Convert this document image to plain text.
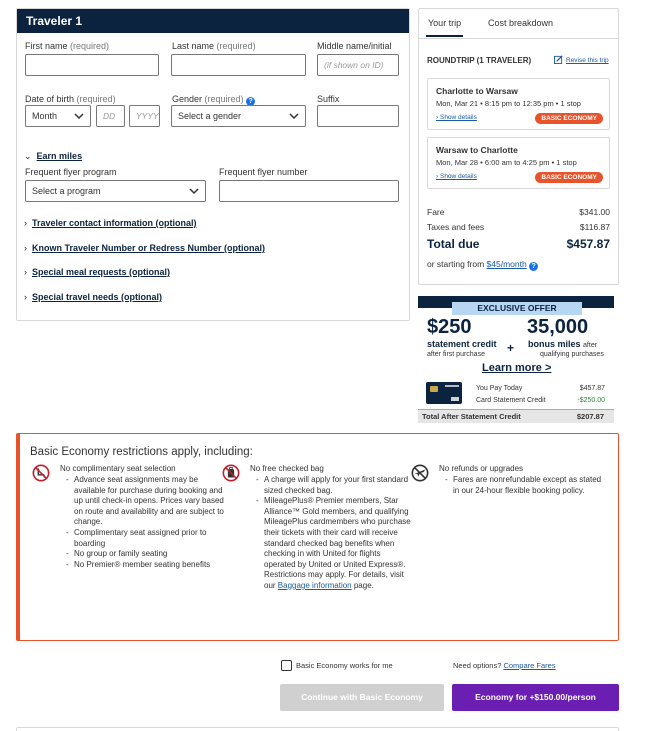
Traveler 1
First name (required)	Last name (required)	Middle name/initial
(if shown on ID)
Date of birth (required)
Month	DD	YYYY
Gender (required) ?
Select a gender
Suffix
⌄ Earn miles
Frequent flyer program
Select a program
Frequent flyer number
› Traveler contact information (optional)
› Known Traveler Number or Redress Number (optional)
› Special meal requests (optional)
› Special travel needs (optional)
Your trip	Cost breakdown
ROUNDTRIP (1 TRAVELER)	Revise this trip
Charlotte to Warsaw
Mon, Mar 21 • 8:15 pm to 12:35 pm • 1 stop
› Show details	BASIC ECONOMY
Warsaw to Charlotte
Mon, Mar 28 • 6:00 am to 4:25 pm • 1 stop
› Show details	BASIC ECONOMY
Fare	$341.00
Taxes and fees	$116.87
Total due	$457.87
or starting from $45/month ?
EXCLUSIVE OFFER
$250
statement credit
after first purchase +
35,000
bonus miles after
qualifying purchases
Learn more >
You Pay Today	$457.87
Card Statement Credit	-$250.00
Total After Statement Credit	$207.87
Basic Economy restrictions apply, including:
No complimentary seat selection
- Advance seat assignments may be available for purchase during booking and up until check-in opens. Prices vary based on route and availability and are subject to change.
- Complimentary seat assigned prior to boarding
- No group or family seating
- No Premier® member seating benefits
No free checked bag
- A charge will apply for your first standard sized checked bag.
- MileagePlus® Premier members, Star Alliance™ Gold members, and qualifying MileagePlus cardmembers who purchase their tickets with their card will receive standard checked bag benefits when checking in with United for flights operated by United or United Express®. Restrictions may apply. For details, visit our Baggage information page.
No refunds or upgrades
- Fares are nonrefundable except as stated in our 24-hour flexible booking policy.
Basic Economy works for me	Need options? Compare Fares
Continue with Basic Economy	Economy for +$150.00/person
